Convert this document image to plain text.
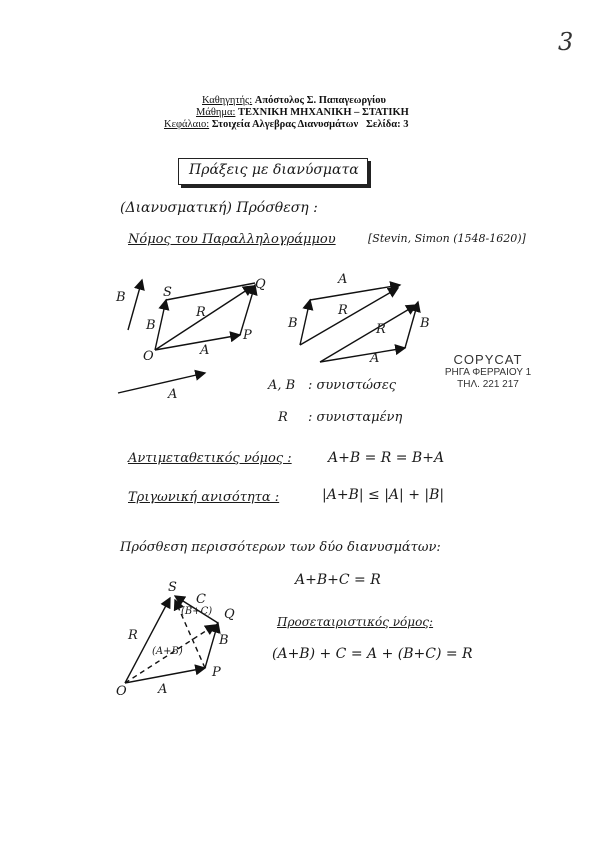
3
Καθηγητής: Απόστολος Σ. Παπαγεωργίου
Μάθημα: ΤΕΧΝΙΚΗ ΜΗΧΑΝΙΚΗ – ΣΤΑΤΙΚΗ
Κεφάλαιο: Στοιχεία Αλγεβρας Διανυσμάτων Σελίδα: 3
Πράξεις με διανύσματα
(Διανυσματική) Πρόσθεση :
Νόμος του Παραλληλογράμμου	[Stevin, Simon (1548-1620)]
B	S
B
R
Q
P
O	A
A
A
B
R
R	B
A	COPYCAT
ΡΗΓΑ ΦΕΡΡΑΙΟΥ 1
ΤΗΛ. 221 217
A, B : συνιστώσες
R : συνισταμένη
Αντιμεταθετικός νόμος :	A+B = R = B+A
Τριγωνική ανισότητα :	|A+B| ≤ |A| + |B|
Πρόσθεση περισσότερων των δύο διανυσμάτων:
A+B+C = R
S
C
(B+C) Q
R
(A+B)
B
P
A
O
Προσεταιριστικός νόμος:
(A+B) + C = A + (B+C) = R
